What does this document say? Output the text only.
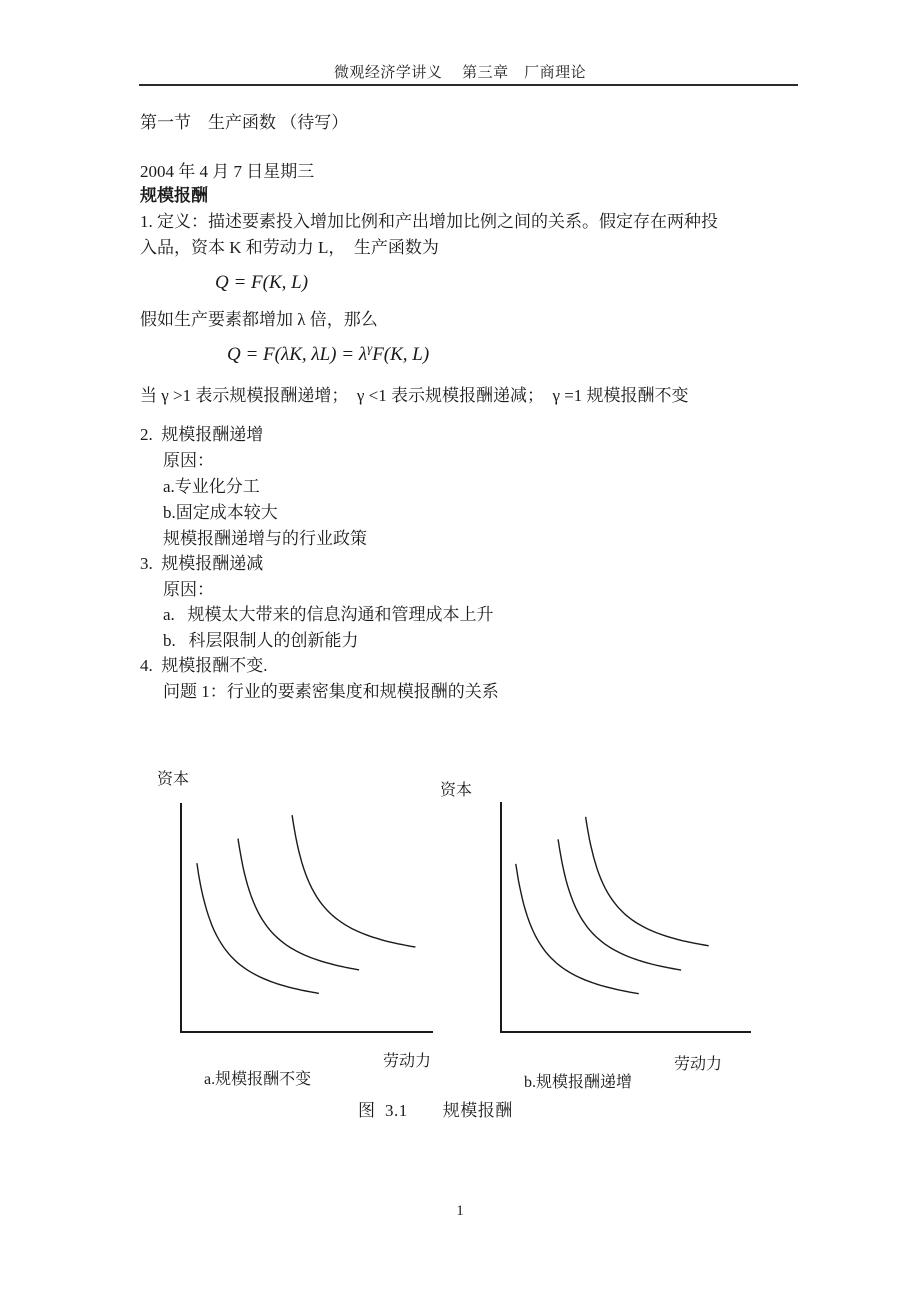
微观经济学讲义　 第三章　厂商理论
第一节　生产函数 （待写）
2004 年 4 月 7 日星期三
规模报酬
1. 定义：描述要素投入增加比例和产出增加比例之间的关系。假定存在两种投
入品，资本 K 和劳动力 L，  生产函数为
Q = F(K, L)
假如生产要素都增加 λ 倍，那么
Q = F(λK, $\lambda L) = \lambda^\gamma F(K$, L)
当 γ >1 表示规模报酬递增；  γ <1 表示规模报酬递减；  γ =1 规模报酬不变
2.  规模报酬递增
原因：
a.专业化分工
b.固定成本较大
规模报酬递增与的行业政策
3.  规模报酬递减
原因：
a.   规模太大带来的信息沟通和管理成本上升
b.   科层限制人的创新能力
4.  规模报酬不变.
问题 1：行业的要素密集度和规模报酬的关系
资本
劳动力
a.规模报酬不变
资本
劳动力
b.规模报酬递增
图  3.1　　规模报酬
1
